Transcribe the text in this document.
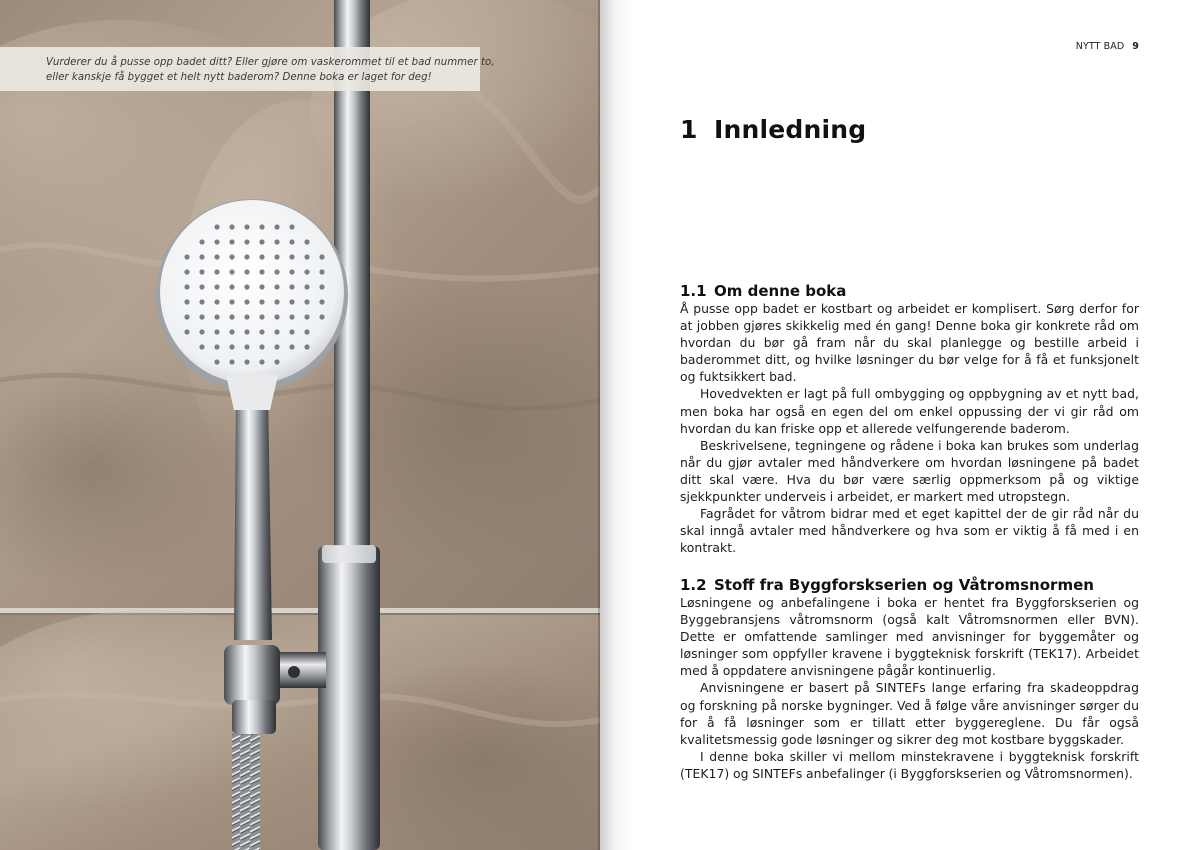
Vurderer du å pusse opp badet ditt? Eller gjøre om vaskerommet til et bad nummer to,
eller kanskje få bygget et helt nytt baderom? Denne boka er laget for deg!
NYTT BAD 9
1 Innledning
1.1 Om denne boka

Å pusse opp badet er kostbart og arbeidet er komplisert. Sørg derfor for at jobben gjøres skikkelig med én gang! Denne boka gir konkrete råd om hvordan du bør gå fram når du skal planlegge og bestille arbeid i baderommet ditt, og hvilke løsninger du bør velge for å få et funksjonelt og fuktsikkert bad.

Hovedvekten er lagt på full ombygging og oppbygning av et nytt bad, men boka har også en egen del om enkel oppussing der vi gir råd om hvordan du kan friske opp et allerede velfungerende baderom.

Beskrivelsene, tegningene og rådene i boka kan brukes som underlag når du gjør avtaler med håndverkere om hvordan løsningene på badet ditt skal være. Hva du bør være særlig oppmerksom på og viktige sjekkpunkter underveis i arbeidet, er markert med utropstegn.

Fagrådet for våtrom bidrar med et eget kapittel der de gir råd når du skal inngå avtaler med håndverkere og hva som er viktig å få med i en kontrakt.

1.2 Stoff fra Byggforskserien og Våtromsnormen

Løsningene og anbefalingene i boka er hentet fra Byggforskserien og Byggebransjens våtromsnorm (også kalt Våtromsnormen eller BVN). Dette er omfattende samlinger med anvisninger for byggemåter og løsninger som oppfyller kravene i byggteknisk forskrift (TEK17). Arbeidet med å oppdatere anvisningene pågår kontinuerlig.

Anvisningene er basert på SINTEFs lange erfaring fra skadeoppdrag og forskning på norske bygninger. Ved å følge våre anvisninger sørger du for å få løsninger som er tillatt etter byggereglene. Du får også kvalitetsmessig gode løsninger og sikrer deg mot kostbare byggskader.

I denne boka skiller vi mellom minstekravene i byggteknisk forskrift (TEK17) og SINTEFs anbefalinger (i Byggforskserien og Våtromsnormen).
